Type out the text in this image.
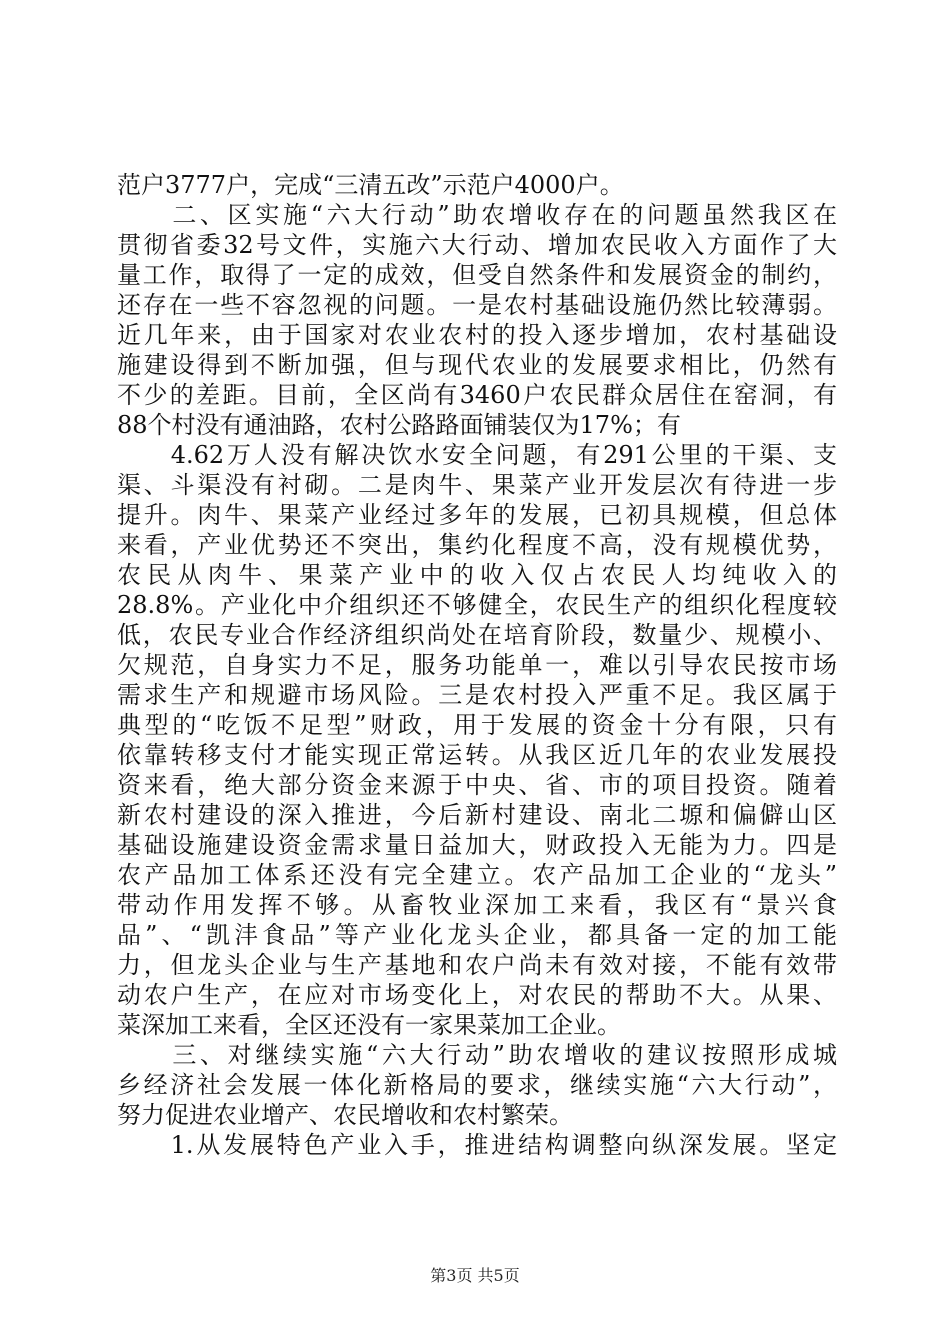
范户3777户，完成“三清五改”示范户4000户。
　　二、区实施“六大行动”助农增收存在的问题虽然我区在
贯彻省委32号文件，实施六大行动、增加农民收入方面作了大
量工作，取得了一定的成效，但受自然条件和发展资金的制约，
还存在一些不容忽视的问题。一是农村基础设施仍然比较薄弱。
近几年来，由于国家对农业农村的投入逐步增加，农村基础设
施建设得到不断加强，但与现代农业的发展要求相比，仍然有
不少的差距。目前，全区尚有3460户农民群众居住在窑洞，有
88个村没有通油路，农村公路路面铺装仅为17%；有
　　4.62万人没有解决饮水安全问题，有291公里的干渠、支
渠、斗渠没有衬砌。二是肉牛、果菜产业开发层次有待进一步
提升。肉牛、果菜产业经过多年的发展，已初具规模，但总体
来看，产业优势还不突出，集约化程度不高，没有规模优势，
农民从肉牛、果菜产业中的收入仅占农民人均纯收入的
28.8%。产业化中介组织还不够健全，农民生产的组织化程度较
低，农民专业合作经济组织尚处在培育阶段，数量少、规模小、
欠规范，自身实力不足，服务功能单一，难以引导农民按市场
需求生产和规避市场风险。三是农村投入严重不足。我区属于
典型的“吃饭不足型”财政，用于发展的资金十分有限，只有
依靠转移支付才能实现正常运转。从我区近几年的农业发展投
资来看，绝大部分资金来源于中央、省、市的项目投资。随着
新农村建设的深入推进，今后新村建设、南北二塬和偏僻山区
基础设施建设资金需求量日益加大，财政投入无能为力。四是
农产品加工体系还没有完全建立。农产品加工企业的“龙头”
带动作用发挥不够。从畜牧业深加工来看，我区有“景兴食
品”、“凯沣食品”等产业化龙头企业，都具备一定的加工能
力，但龙头企业与生产基地和农户尚未有效对接，不能有效带
动农户生产，在应对市场变化上，对农民的帮助不大。从果、
菜深加工来看，全区还没有一家果菜加工企业。
　　三、对继续实施“六大行动”助农增收的建议按照形成城
乡经济社会发展一体化新格局的要求，继续实施“六大行动”，
努力促进农业增产、农民增收和农村繁荣。
　　1.从发展特色产业入手，推进结构调整向纵深发展。坚定
第3页 共5页
